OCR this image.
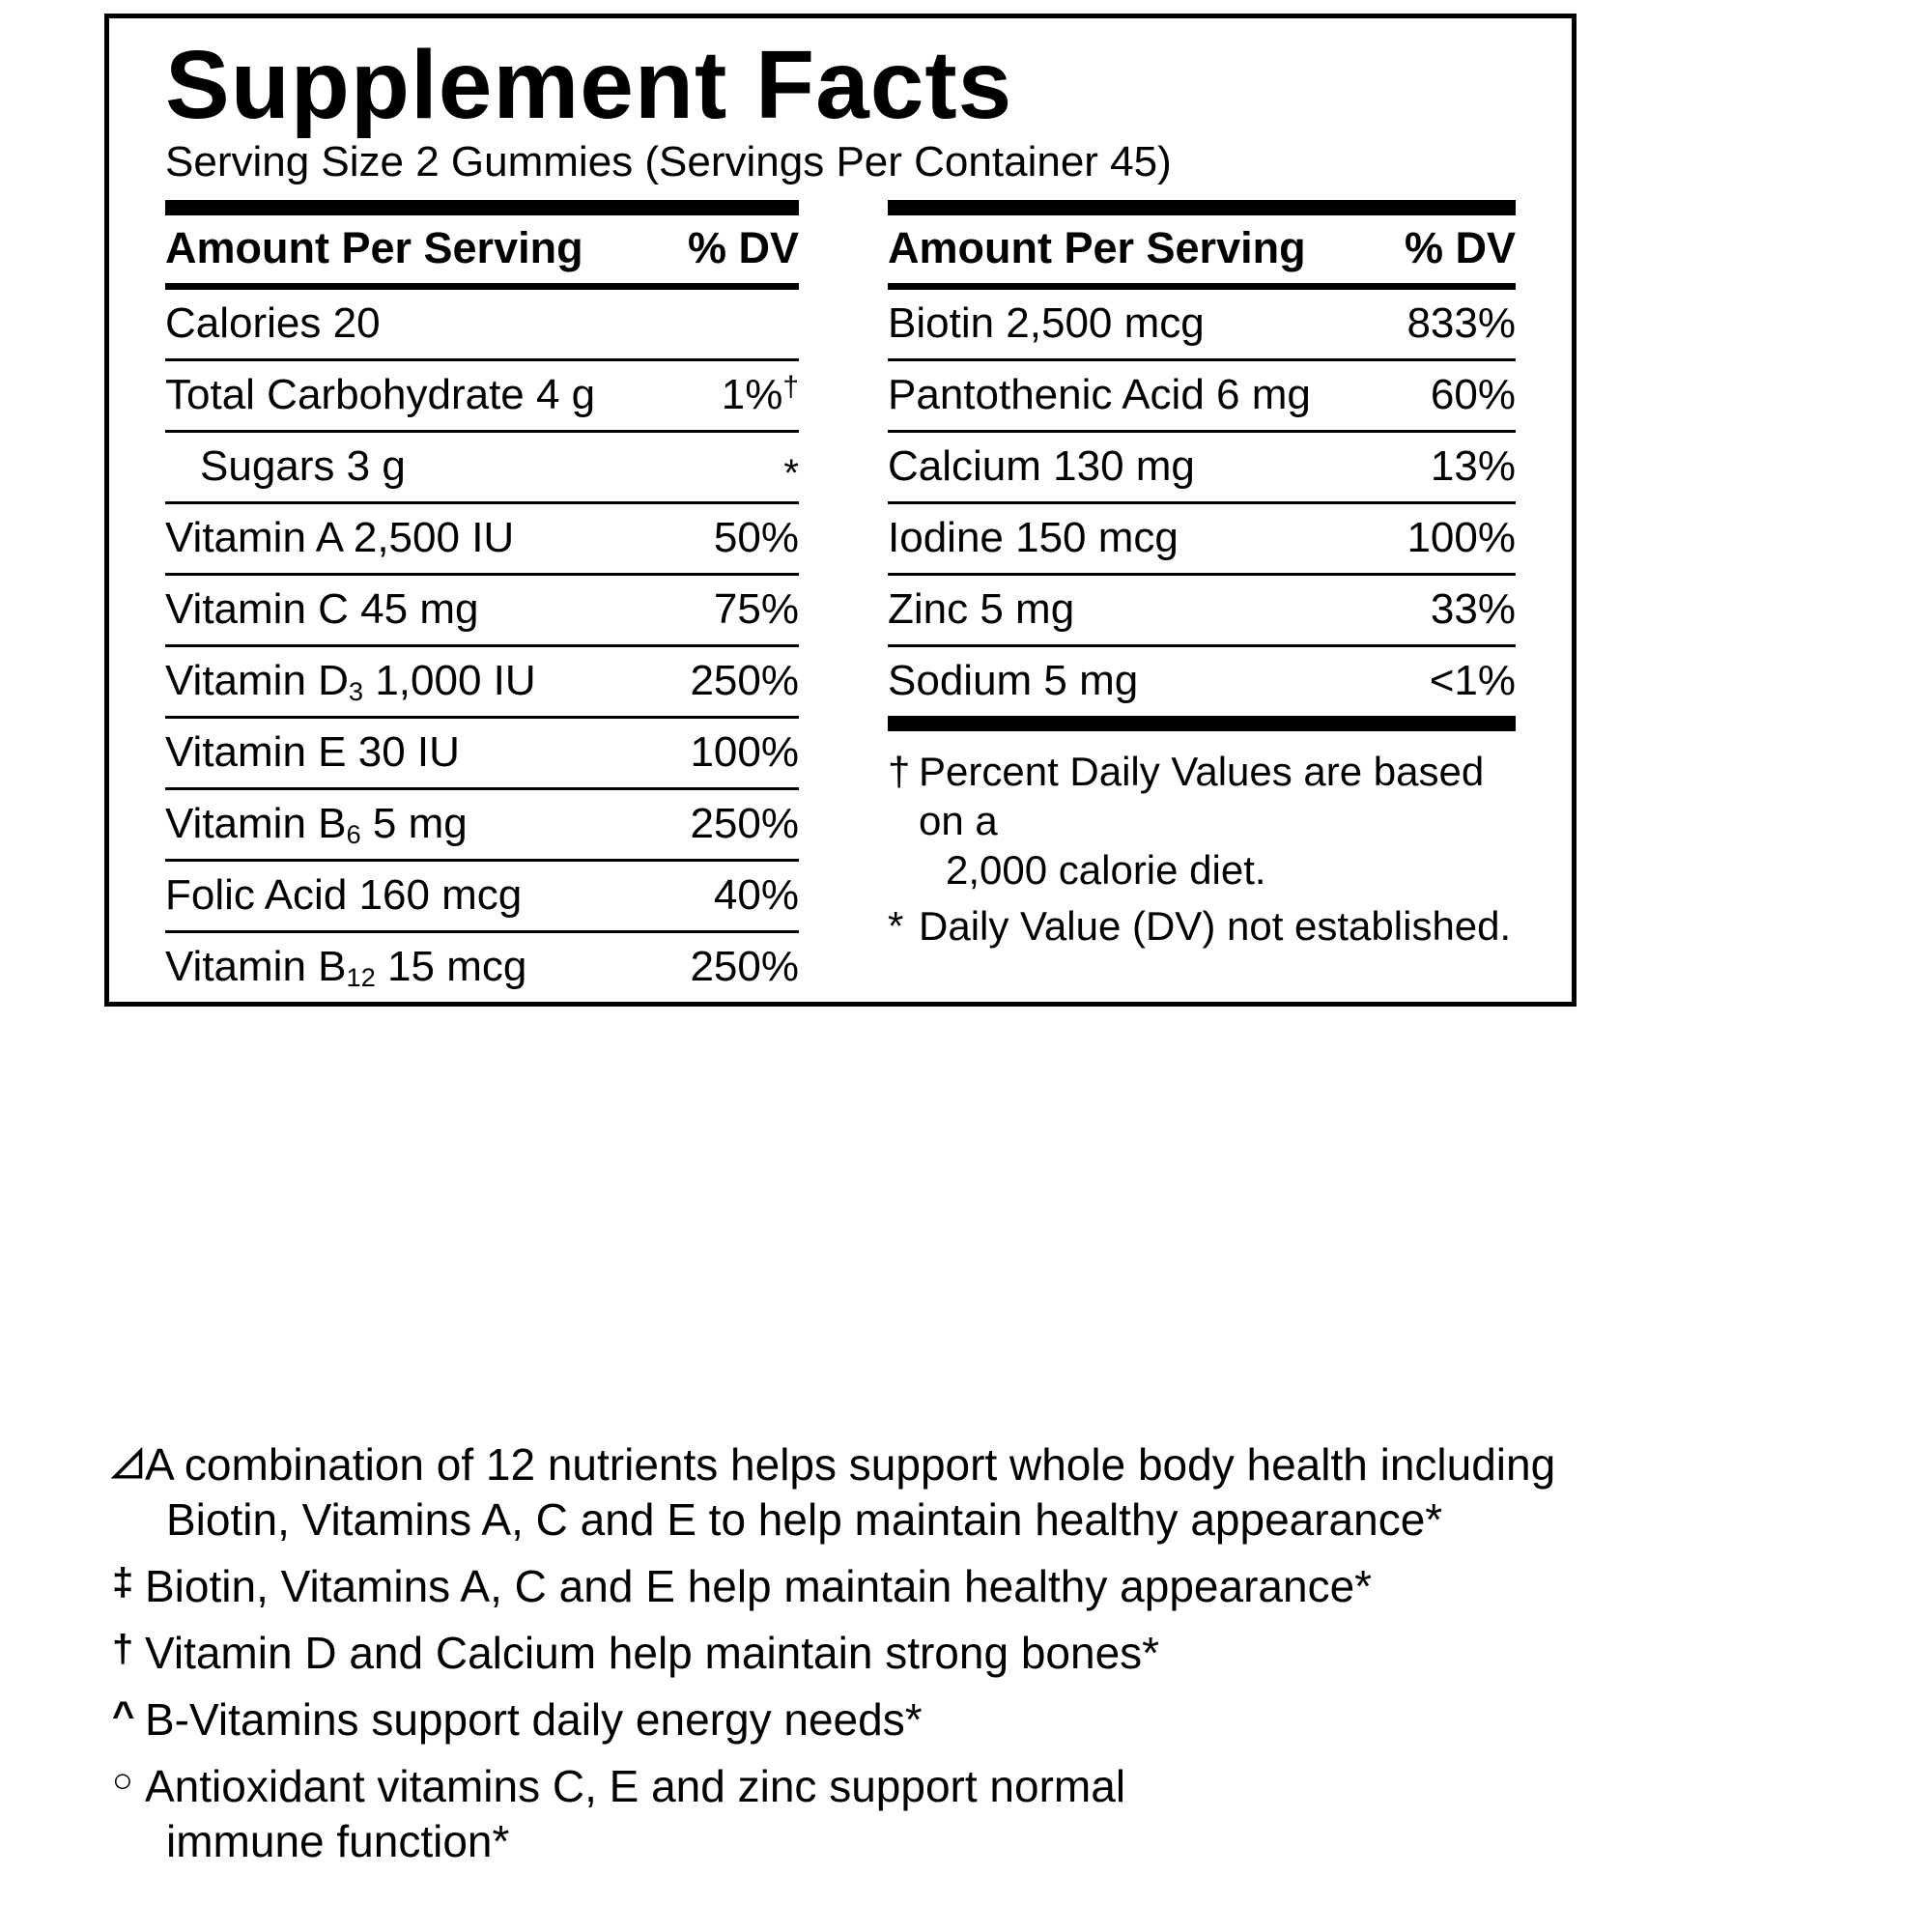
Supplement Facts
Serving Size 2 Gummies (Servings Per Container 45)
Amount Per Serving % DV
Calories 20
Total Carbohydrate 4 g	1%†
Sugars 3 g	*
Vitamin A 2,500 IU	50%
Vitamin C 45 mg	75%
Vitamin $D_3$ 1,000 IU	250%
Vitamin E 30 IU	100%
Vitamin $B_6$ 5 mg	250%
Folic Acid 160 mcg	40%
Vitamin $B_{12}$ 15 mcg	250%
Amount Per Serving % DV
Biotin 2,500 mcg	833%
Pantothenic Acid 6 mg	60%
Calcium 130 mg	13%
Iodine 150 mcg	100%
Zinc 5 mg	33%
Sodium 5 mg	<1%
† Percent Daily Values are based on a
2,000 calorie diet.
* Daily Value (DV) not established.
◿ A combination of 12 nutrients helps support whole body health including
Biotin, Vitamins A, C and E to help maintain healthy appearance*
‡ Biotin, Vitamins A, C and E help maintain healthy appearance*
† Vitamin D and Calcium help maintain strong bones*
^ B-Vitamins support daily energy needs*
○ Antioxidant vitamins C, E and zinc support normal
immune function*
